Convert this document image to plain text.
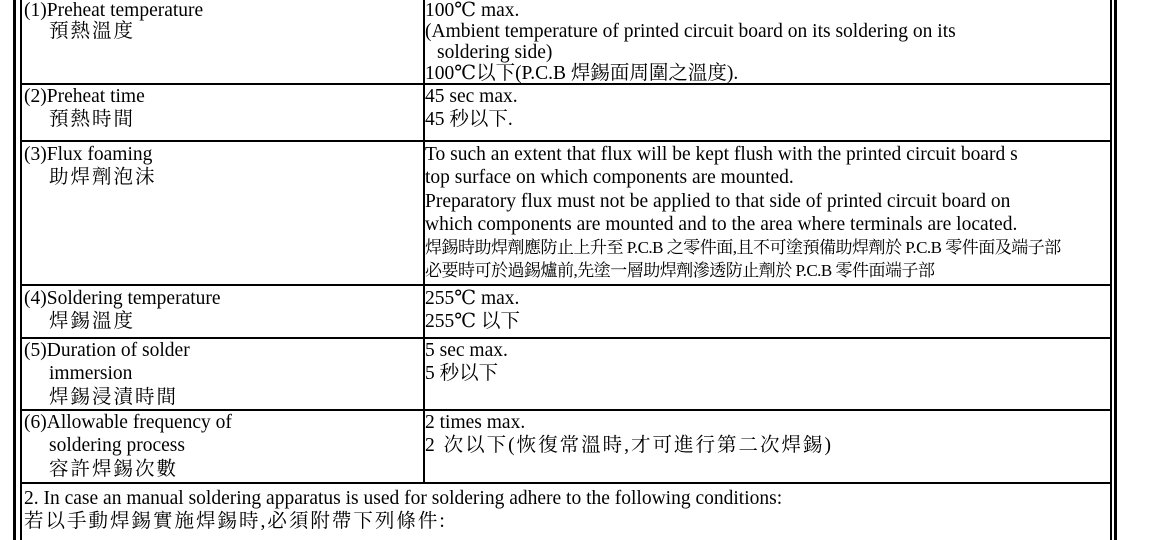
(1)Preheat temperature
預熱溫度
100℃ max.
(Ambient temperature of printed circuit board on its soldering on its
soldering side)
100℃以下(P.C.B 焊錫面周圍之溫度).
(2)Preheat time
預熱時間
45 sec max.
45 秒以下.
(3)Flux foaming
助焊劑泡沫
To such an extent that flux will be kept flush with the printed circuit board s
top surface on which components are mounted.
Preparatory flux must not be applied to that side of printed circuit board on
which components are mounted and to the area where terminals are located.
焊錫時助焊劑應防止上升至 P.C.B 之零件面,且不可塗預備助焊劑於 P.C.B 零件面及端子部
必要時可於過錫爐前,先塗一層助焊劑滲透防止劑於 P.C.B 零件面端子部
(4)Soldering temperature
焊錫溫度
255℃ max.
255℃ 以下
(5)Duration of solder
immersion
焊錫浸漬時間
5 sec max.
5 秒以下
(6)Allowable frequency of
soldering process
容許焊錫次數
2 times max.
2 次以下(恢復常溫時,才可進行第二次焊錫)
2. In case an manual soldering apparatus is used for soldering adhere to the following conditions:
若以手動焊錫實施焊錫時,必須附帶下列條件:
